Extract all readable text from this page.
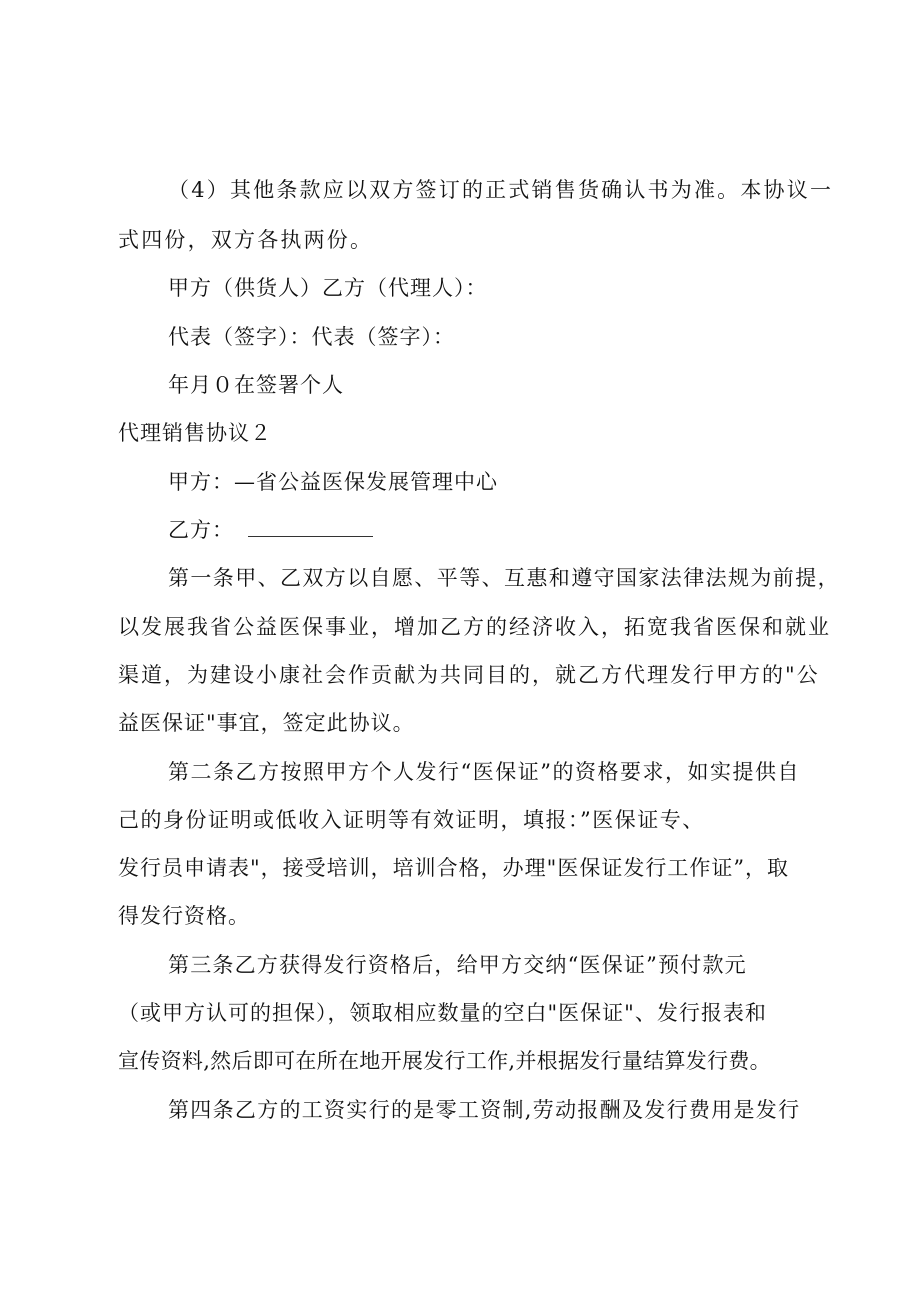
（4）其他条款应以双方签订的正式销售货确认书为准。本协议一
式四份，双方各执两份。
甲方（供货人）乙方（代理人）：
代表（签字）：代表（签字）：
年月０在签署个人
代理销售协议２
甲方：—省公益医保发展管理中心
乙方：
第一条甲、乙双方以自愿、平等、互惠和遵守国家法律法规为前提，
以发展我省公益医保事业，增加乙方的经济收入，拓宽我省医保和就业
渠道，为建设小康社会作贡献为共同目的，就乙方代理发行甲方的"公
益医保证"事宜，签定此协议。
第二条乙方按照甲方个人发行“医保证”的资格要求，如实提供自
己的身份证明或低收入证明等有效证明，填报：”医保证专、
发行员申请表"，接受培训，培训合格，办理"医保证发行工作证”，取
得发行资格。
第三条乙方获得发行资格后，给甲方交纳“医保证”预付款元
（或甲方认可的担保），领取相应数量的空白"医保证"、发行报表和
宣传资料,然后即可在所在地开展发行工作,并根据发行量结算发行费。
第四条乙方的工资实行的是零工资制,劳动报酬及发行费用是发行
